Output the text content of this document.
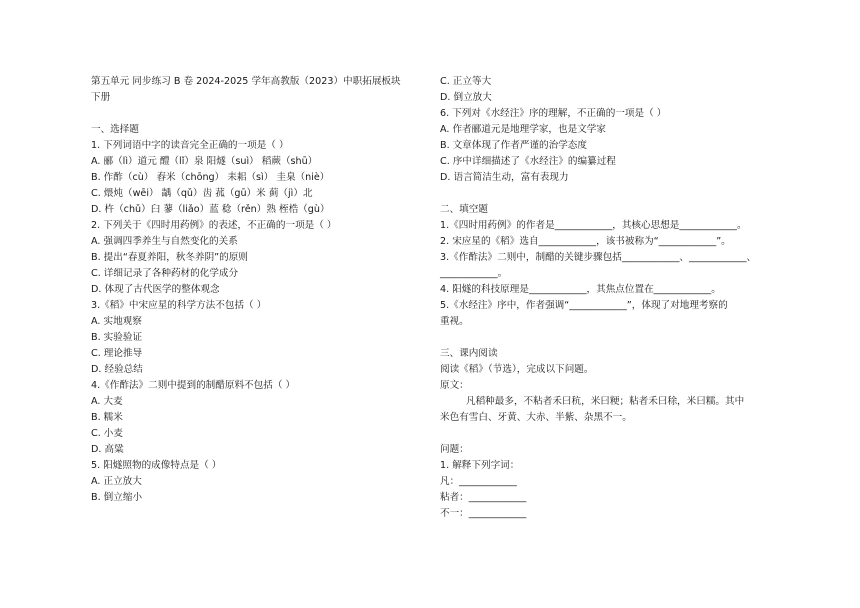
第五单元 同步练习 B 卷 2024-2025 学年高教版（2023）中职拓展板块
下册
一、选择题
1. 下列词语中字的读音完全正确的一项是（ ）
A. 郦（lì）道元 醴（lǐ）泉 阳燧（suì） 稻蕨（shū）
B. 作酢（cù） 舂米（chōng） 耒耜（sì） 圭臬（niè）
C. 煨炖（wēi） 龋（qǔ）齿 菰（gū）米 蓟（jì）北
D. 杵（chǔ）臼 蓼（liǎo）蓝 稔（rěn）熟 桎梏（gù）
2. 下列关于《四时用药例》的表述，不正确的一项是（ ）
A. 强调四季养生与自然变化的关系
B. 提出“春夏养阳，秋冬养阴”的原则
C. 详细记录了各种药材的化学成分
D. 体现了古代医学的整体观念
3.《稻》中宋应星的科学方法不包括（ ）
A. 实地观察
B. 实验验证
C. 理论推导
D. 经验总结
4.《作酢法》二则中提到的制醋原料不包括（ ）
A. 大麦
B. 糯米
C. 小麦
D. 高粱
5. 阳燧照物的成像特点是（ ）
A. 正立放大
B. 倒立缩小
C. 正立等大
D. 倒立放大
6. 下列对《水经注》序的理解，不正确的一项是（ ）
A. 作者郦道元是地理学家，也是文学家
B. 文章体现了作者严谨的治学态度
C. 序中详细描述了《水经注》的编纂过程
D. 语言简洁生动，富有表现力
二、填空题
1.《四时用药例》的作者是____________，其核心思想是____________。
2. 宋应星的《稻》选自____________，该书被称为“____________”。
3.《作酢法》二则中，制醋的关键步骤包括____________、____________、
____________。
4. 阳燧的科技原理是____________，其焦点位置在____________。
5.《水经注》序中，作者强调“____________”，体现了对地理考察的
重视。
三、课内阅读
阅读《稻》（节选），完成以下问题。
原文：
凡稻种最多，不粘者禾曰秔，米曰粳；粘者禾曰稌，米曰糯。其中
米色有雪白、牙黄、大赤、半紫、杂黑不一。
问题：
1. 解释下列字词：
凡：____________
粘者：____________
不一：____________
